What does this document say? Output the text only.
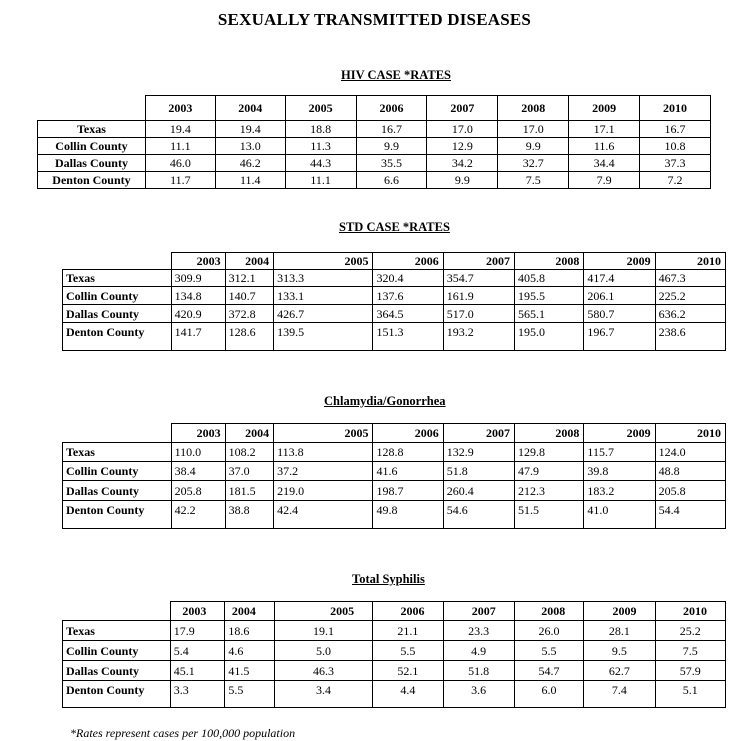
SEXUALLY TRANSMITTED DISEASES
HIV CASE *RATES
	2003	2004	2005	2006	2007	2008	2009	2010
Texas	19.4	19.4	18.8	16.7	17.0	17.0	17.1	16.7
Collin County	11.1	13.0	11.3	9.9	12.9	9.9	11.6	10.8
Dallas County	46.0	46.2	44.3	35.5	34.2	32.7	34.4	37.3
Denton County	11.7	11.4	11.1	6.6	9.9	7.5	7.9	7.2
STD CASE *RATES
	2003	2004	2005	2006	2007	2008	2009	2010
Texas	309.9	312.1	313.3	320.4	354.7	405.8	417.4	467.3
Collin County	134.8	140.7	133.1	137.6	161.9	195.5	206.1	225.2
Dallas County	420.9	372.8	426.7	364.5	517.0	565.1	580.7	636.2
Denton County	141.7	128.6	139.5	151.3	193.2	195.0	196.7	238.6
Chlamydia/Gonorrhea
	2003	2004	2005	2006	2007	2008	2009	2010
Texas	110.0	108.2	113.8	128.8	132.9	129.8	115.7	124.0
Collin County	38.4	37.0	37.2	41.6	51.8	47.9	39.8	48.8
Dallas County	205.8	181.5	219.0	198.7	260.4	212.3	183.2	205.8
Denton County	42.2	38.8	42.4	49.8	54.6	51.5	41.0	54.4
Total Syphilis
	2003	2004	2005	2006	2007	2008	2009	2010
Texas	17.9	18.6	19.1	21.1	23.3	26.0	28.1	25.2
Collin County	5.4	4.6	5.0	5.5	4.9	5.5	9.5	7.5
Dallas County	45.1	41.5	46.3	52.1	51.8	54.7	62.7	57.9
Denton County	3.3	5.5	3.4	4.4	3.6	6.0	7.4	5.1
*Rates represent cases per 100,000 population
